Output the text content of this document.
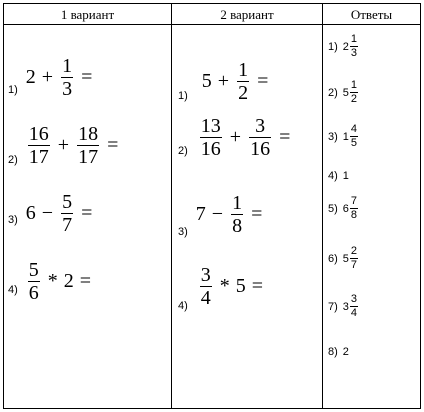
1 вариант	2 вариант	Ответы
1)
$2 + \frac{1}{3}$ =
$2) \frac{16}{17} + \frac{18}{17}$ =
3) $6 - \frac{5}{7}$ =
$4) \frac{5}{6} * 2$ =
1)
$5 + \frac{1}{2}$ =
$2) \frac{13}{16} + \frac{3}{16}$ =
3)
$7 - \frac{1}{8}$ =
$4) \frac{3}{4} * 5$ =
1) $2 \frac{1}{3}$
2) $5 \frac{1}{2}$
3) $1 \frac{4}{5}$
4) 1
5) $6 \frac{7}{8}$
6) $5 \frac{2}{7}$
7) $3 \frac{3}{4}$
8) 2
